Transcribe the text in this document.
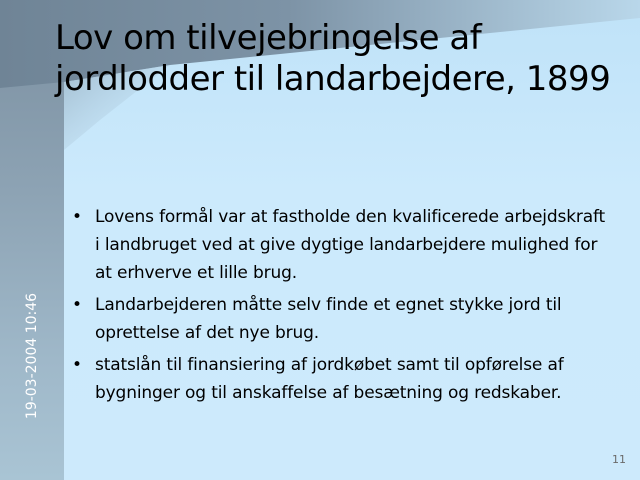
19-03-2004 10:46
Lov om tilvejebringelse af jordlodder til landarbejdere, 1899
• Lovens formål var at fastholde den kvalificerede arbejdskraft i landbruget ved at give dygtige landarbejdere mulighed for at erhverve et lille brug.
• Landarbejderen måtte selv finde et egnet stykke jord til oprettelse af det nye brug.
• statslån til finansiering af jordkøbet samt til opførelse af bygninger og til anskaffelse af besætning og redskaber.
11
